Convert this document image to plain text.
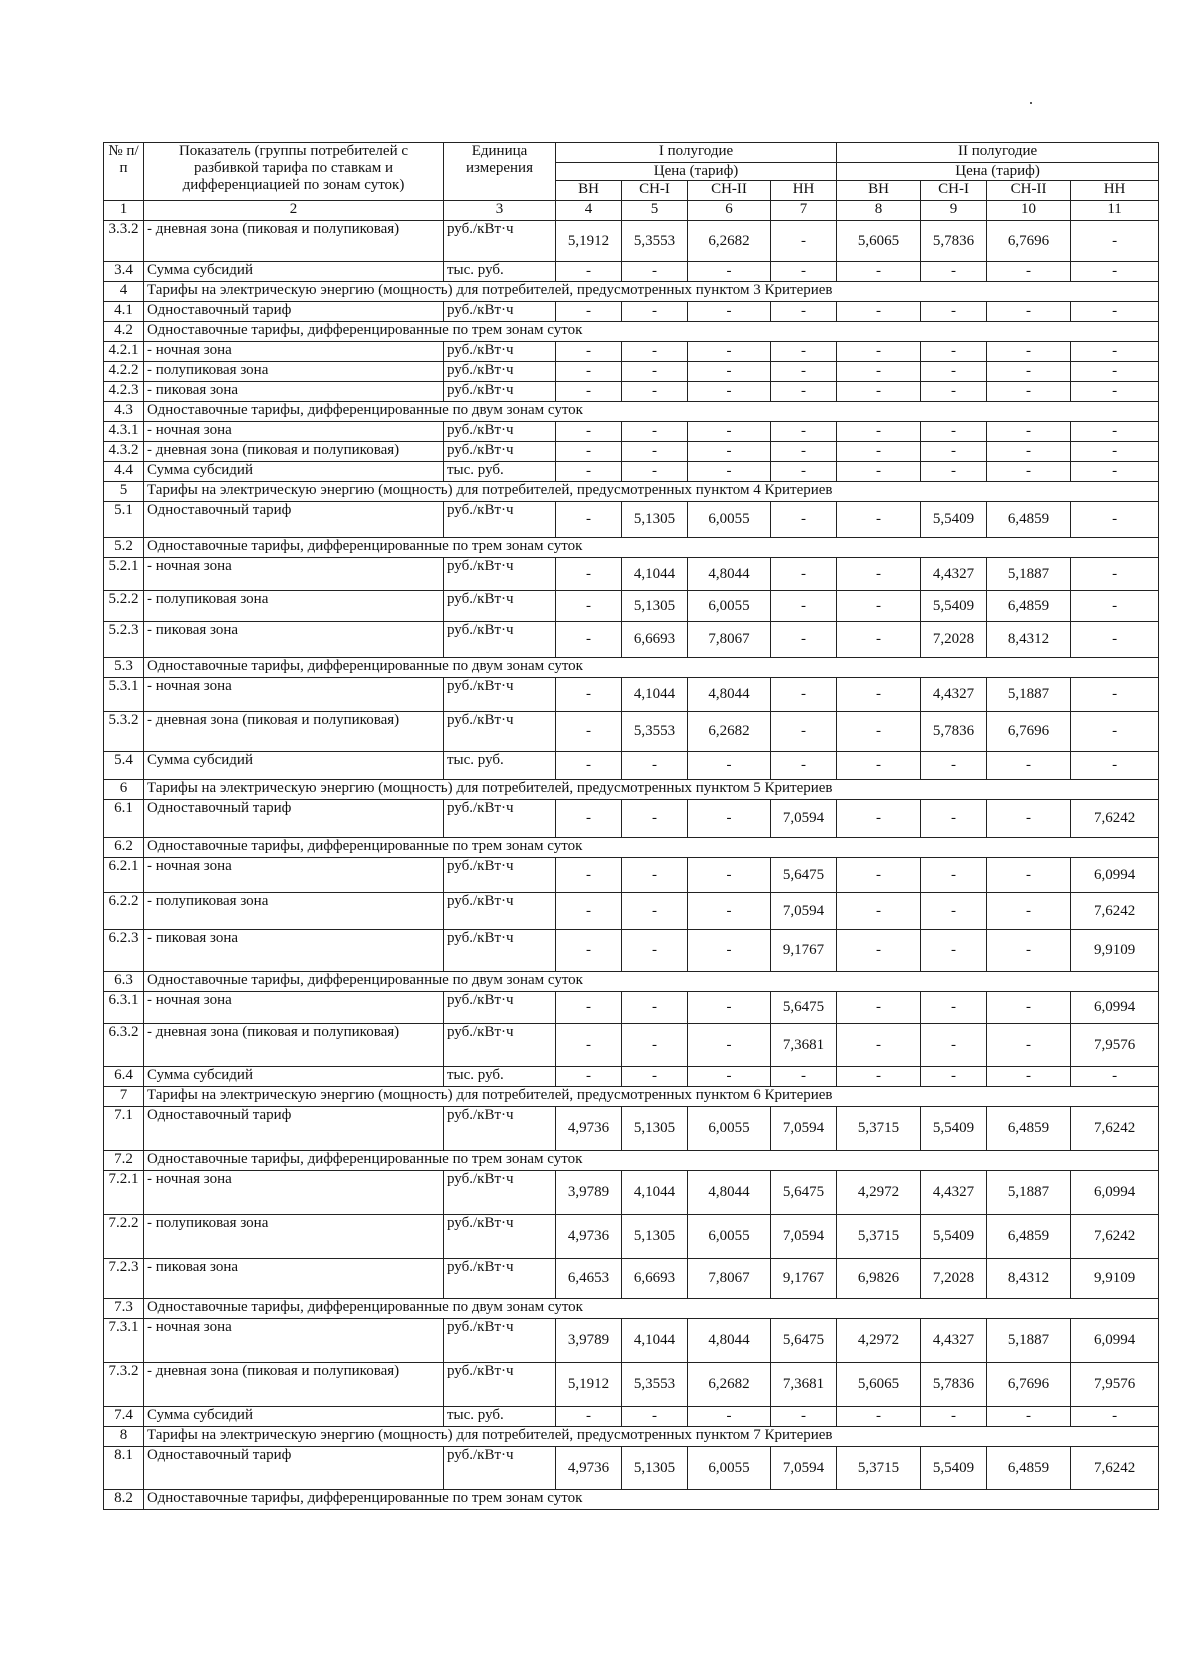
№ п/п	Показатель (группы потребителей с разбивкой тарифа по ставкам и дифференциацией по зонам суток)	Единица измерения	I полугодие				II полугодие			
			Цена (тариф)				Цена (тариф)			
			ВН	СН-I	СН-II	НН	ВН	СН-I	СН-II	НН
1	2	3	4	5	6	7	8	9	10	11
3.3.2	- дневная зона (пиковая и полупиковая)	руб./кВт·ч	5,1912	5,3553	6,2682	-	5,6065	5,7836	6,7696	-
3.4	Сумма субсидий	тыс. руб.	-	-	-	-	-	-	-	-
4	Тарифы на электрическую энергию (мощность) для потребителей, предусмотренных пунктом 3 Критериев									
4.1	Одноставочный тариф	руб./кВт·ч	-	-	-	-	-	-	-	-
4.2	Одноставочные тарифы, дифференцированные по трем зонам суток									
4.2.1	- ночная зона	руб./кВт·ч	-	-	-	-	-	-	-	-
4.2.2	- полупиковая зона	руб./кВт·ч	-	-	-	-	-	-	-	-
4.2.3	- пиковая зона	руб./кВт·ч	-	-	-	-	-	-	-	-
4.3	Одноставочные тарифы, дифференцированные по двум зонам суток									
4.3.1	- ночная зона	руб./кВт·ч	-	-	-	-	-	-	-	-
4.3.2	- дневная зона (пиковая и полупиковая)	руб./кВт·ч	-	-	-	-	-	-	-	-
4.4	Сумма субсидий	тыс. руб.	-	-	-	-	-	-	-	-
5	Тарифы на электрическую энергию (мощность) для потребителей, предусмотренных пунктом 4 Критериев									
5.1	Одноставочный тариф	руб./кВт·ч	-	5,1305	6,0055	-	-	5,5409	6,4859	-
5.2	Одноставочные тарифы, дифференцированные по трем зонам суток									
5.2.1	- ночная зона	руб./кВт·ч	-	4,1044	4,8044	-	-	4,4327	5,1887	-
5.2.2	- полупиковая зона	руб./кВт·ч	-	5,1305	6,0055	-	-	5,5409	6,4859	-
5.2.3	- пиковая зона	руб./кВт·ч	-	6,6693	7,8067	-	-	7,2028	8,4312	-
5.3	Одноставочные тарифы, дифференцированные по двум зонам суток									
5.3.1	- ночная зона	руб./кВт·ч	-	4,1044	4,8044	-	-	4,4327	5,1887	-
5.3.2	- дневная зона (пиковая и полупиковая)	руб./кВт·ч	-	5,3553	6,2682	-	-	5,7836	6,7696	-
5.4	Сумма субсидий	тыс. руб.	-	-	-	-	-	-	-	-
6	Тарифы на электрическую энергию (мощность) для потребителей, предусмотренных пунктом 5 Критериев									
6.1	Одноставочный тариф	руб./кВт·ч	-	-	-	7,0594	-	-	-	7,6242
6.2	Одноставочные тарифы, дифференцированные по трем зонам суток									
6.2.1	- ночная зона	руб./кВт·ч	-	-	-	5,6475	-	-	-	6,0994
6.2.2	- полупиковая зона	руб./кВт·ч	-	-	-	7,0594	-	-	-	7,6242
6.2.3	- пиковая зона	руб./кВт·ч	-	-	-	9,1767	-	-	-	9,9109
6.3	Одноставочные тарифы, дифференцированные по двум зонам суток									
6.3.1	- ночная зона	руб./кВт·ч	-	-	-	5,6475	-	-	-	6,0994
6.3.2	- дневная зона (пиковая и полупиковая)	руб./кВт·ч	-	-	-	7,3681	-	-	-	7,9576
6.4	Сумма субсидий	тыс. руб.	-	-	-	-	-	-	-	-
7	Тарифы на электрическую энергию (мощность) для потребителей, предусмотренных пунктом 6 Критериев									
7.1	Одноставочный тариф	руб./кВт·ч	4,9736	5,1305	6,0055	7,0594	5,3715	5,5409	6,4859	7,6242
7.2	Одноставочные тарифы, дифференцированные по трем зонам суток									
7.2.1	- ночная зона	руб./кВт·ч	3,9789	4,1044	4,8044	5,6475	4,2972	4,4327	5,1887	6,0994
7.2.2	- полупиковая зона	руб./кВт·ч	4,9736	5,1305	6,0055	7,0594	5,3715	5,5409	6,4859	7,6242
7.2.3	- пиковая зона	руб./кВт·ч	6,4653	6,6693	7,8067	9,1767	6,9826	7,2028	8,4312	9,9109
7.3	Одноставочные тарифы, дифференцированные по двум зонам суток									
7.3.1	- ночная зона	руб./кВт·ч	3,9789	4,1044	4,8044	5,6475	4,2972	4,4327	5,1887	6,0994
7.3.2	- дневная зона (пиковая и полупиковая)	руб./кВт·ч	5,1912	5,3553	6,2682	7,3681	5,6065	5,7836	6,7696	7,9576
7.4	Сумма субсидий	тыс. руб.	-	-	-	-	-	-	-	-
8	Тарифы на электрическую энергию (мощность) для потребителей, предусмотренных пунктом 7 Критериев									
8.1	Одноставочный тариф	руб./кВт·ч	4,9736	5,1305	6,0055	7,0594	5,3715	5,5409	6,4859	7,6242
8.2	Одноставочные тарифы, дифференцированные по трем зонам суток									
